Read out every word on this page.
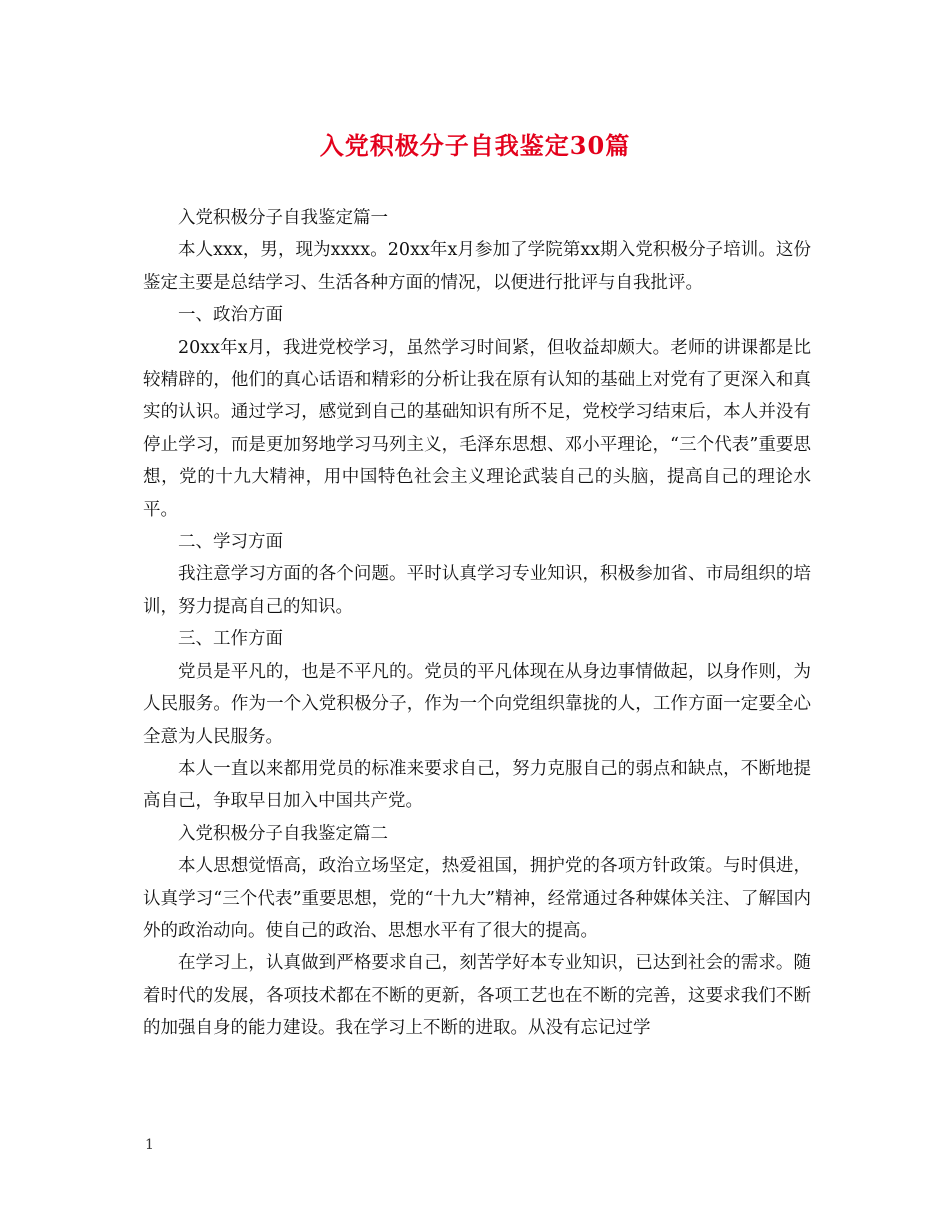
入党积极分子自我鉴定30篇

入党积极分子自我鉴定篇一

本人xxx，男，现为xxxx。20xx年x月参加了学院第xx期入党积极分子培训。这份鉴定主要是总结学习、生活各种方面的情况，以便进行批评与自我批评。

一、政治方面

20xx年x月，我进党校学习，虽然学习时间紧，但收益却颇大。老师的讲课都是比较精辟的，他们的真心话语和精彩的分析让我在原有认知的基础上对党有了更深入和真实的认识。通过学习，感觉到自己的基础知识有所不足，党校学习结束后，本人并没有停止学习，而是更加努地学习马列主义，毛泽东思想、邓小平理论，“三个代表”重要思想，党的十九大精神，用中国特色社会主义理论武装自己的头脑，提高自己的理论水平。

二、学习方面

我注意学习方面的各个问题。平时认真学习专业知识，积极参加省、市局组织的培训，努力提高自己的知识。

三、工作方面

党员是平凡的，也是不平凡的。党员的平凡体现在从身边事情做起，以身作则，为人民服务。作为一个入党积极分子，作为一个向党组织靠拢的人，工作方面一定要全心全意为人民服务。

本人一直以来都用党员的标准来要求自己，努力克服自己的弱点和缺点，不断地提高自己，争取早日加入中国共产党。

入党积极分子自我鉴定篇二

本人思想觉悟高，政治立场坚定，热爱祖国，拥护党的各项方针政策。与时俱进，认真学习“三个代表”重要思想，党的“十九大”精神，经常通过各种媒体关注、了解国内外的政治动向。使自己的政治、思想水平有了很大的提高。

在学习上，认真做到严格要求自己，刻苦学好本专业知识，已达到社会的需求。随着时代的发展，各项技术都在不断的更新，各项工艺也在不断的完善，这要求我们不断的加强自身的能力建设。我在学习上不断的进取。从没有忘记过学

1
